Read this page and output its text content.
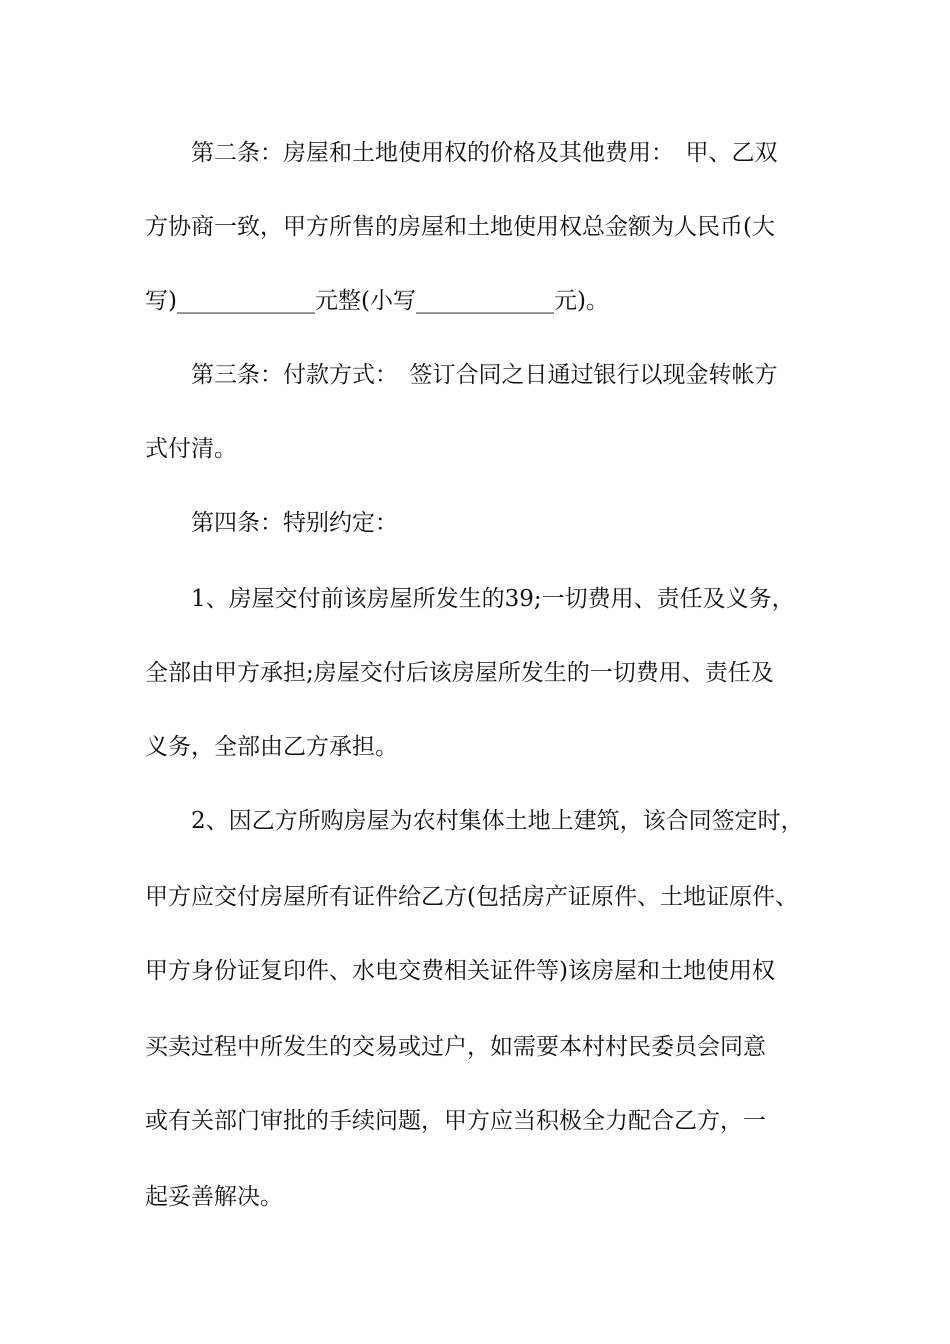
　　第二条：房屋和土地使用权的价格及其他费用：　甲、乙双

方协商一致，甲方所售的房屋和土地使用权总金额为人民币(大

写)____________元整(小写____________元)。

　　第三条：付款方式：　签订合同之日通过银行以现金转帐方

式付清。

　　第四条：特别约定：

　　1、房屋交付前该房屋所发生的39;一切费用、责任及义务，

全部由甲方承担;房屋交付后该房屋所发生的一切费用、责任及

义务，全部由乙方承担。

　　2、因乙方所购房屋为农村集体土地上建筑，该合同签定时，

甲方应交付房屋所有证件给乙方(包括房产证原件、土地证原件、

甲方身份证复印件、水电交费相关证件等)该房屋和土地使用权

买卖过程中所发生的交易或过户，如需要本村村民委员会同意

或有关部门审批的手续问题，甲方应当积极全力配合乙方，一

起妥善解决。
